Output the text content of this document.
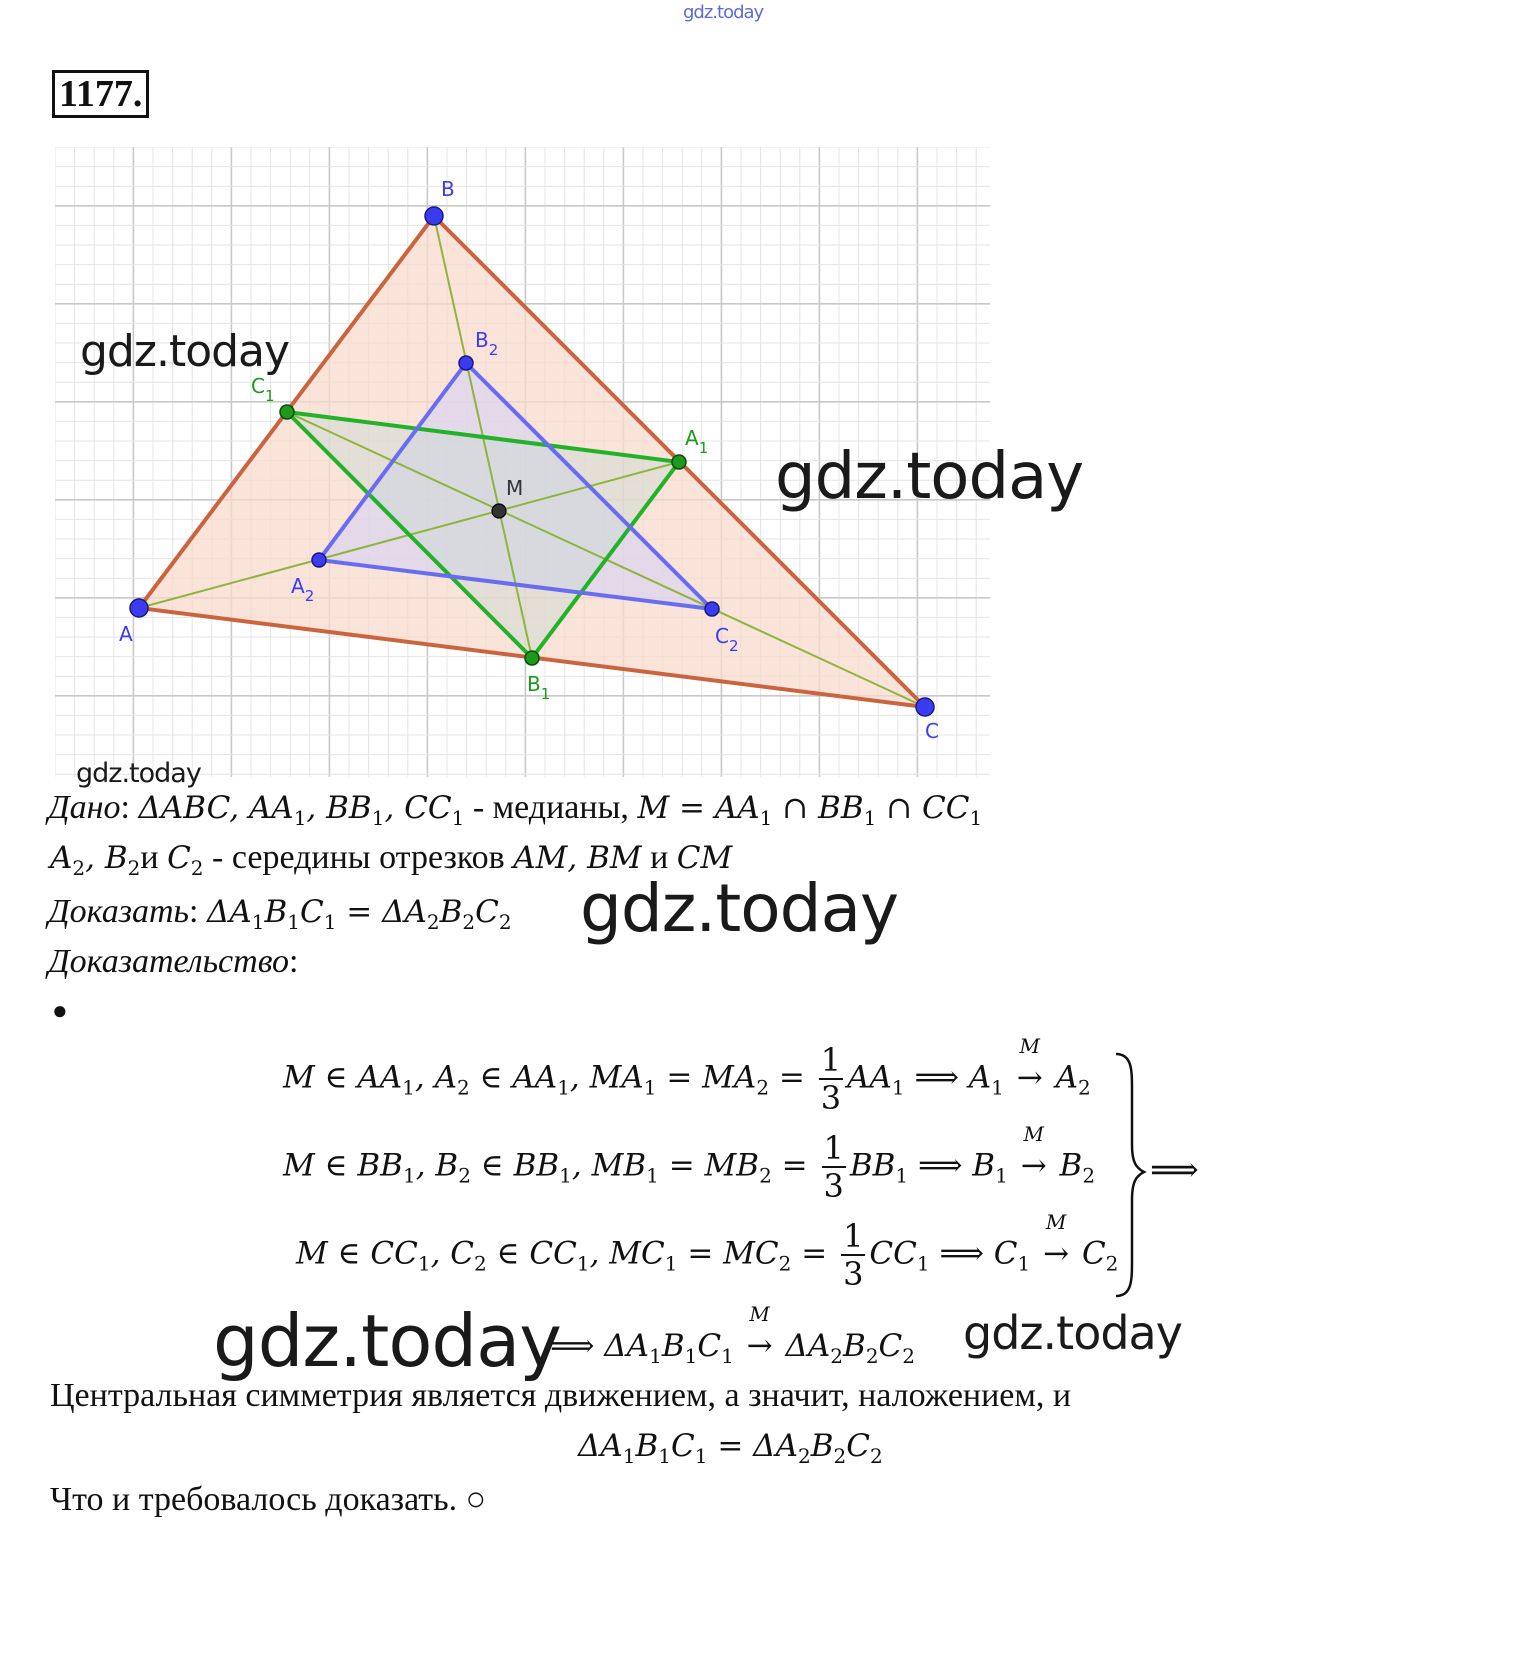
gdz.today
1177.
A
B
C
M
$B_2$
$A_2$
$C_2$
$C_1$
$A_1$
$B_1$
gdz.today
gdz.today
gdz.today
Дано: ΔABC, $AA_1$, $BB_1$, $CC_1$ - медианы, $M = AA_1$ ∩ $BB_1$ ∩ $CC_1$
$A_2$, $B_2и$ $C_2$ - середины отрезков AM, BM и CM
Доказать: $\Delta A_1B_1C_1 = \Delta A_2B_2C_2$ gdz.today
Доказательство:
●
M ∈ $AA_1$, $A_2$ ∈ $AA_1$, $MA_1 = MA_2 = \frac{1}{3} AA_1$ ⟹ $A_1$
M
→ $A_2$
M ∈ $BB_1$, $B_2$ ∈ $BB_1$, $MB_1 = MB_2 = \frac{1}{3} BB_1$ ⟹ $B_1$
M
→ $B_2$
M ∈ $CC_1$, $C_2$ ∈ $CC_1$, $MC_1 = MC_2 = \frac{1}{3} CC_1$ ⟹ $C_1$
M
→ $C_2$
⟹
gdz.today
⟹ $\Delta A_1B_1C_1$
M
→ $\Delta A_2B_2C_2$ gdz.today
Центральная симметрия является движением, а значит, наложением, и
$\Delta A_1B_1C_1 = \Delta A_2B_2C_2$
Что и требовалось доказать. ○
